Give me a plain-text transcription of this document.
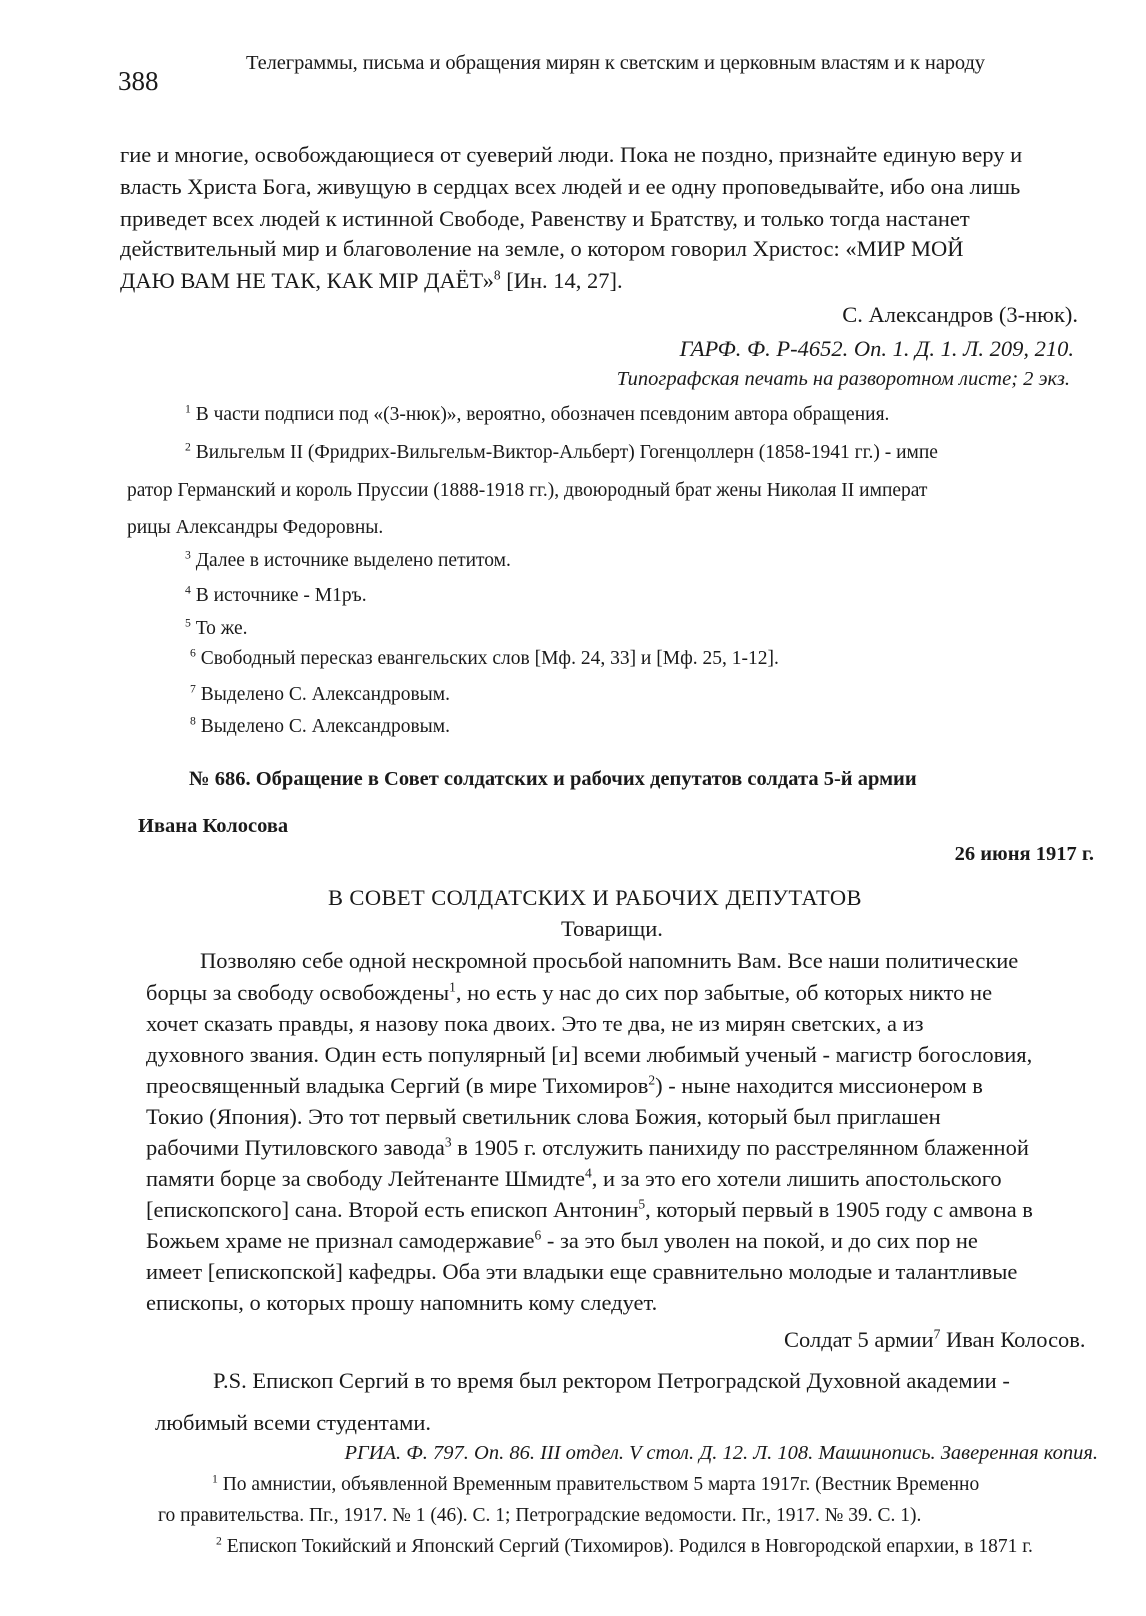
388
Телеграммы, письма и обращения мирян к светским и церковным властям и к народу
гие и многие, освобождающиеся от суеверий люди. Пока не поздно, признайте единую веру и
власть Христа Бога, живущую в сердцах всех людей и ее одну проповедывайте, ибо она лишь
приведет всех людей к истинной Свободе, Равенству и Братству, и только тогда настанет
действительный мир и благоволение на земле, о котором говорил Христос: «МИР МОЙ
ДАЮ ВАМ НЕ ТАК, КАК МIР ДАЁТ»$^8$ [Ин. 14, 27].
С. Александров (3-нюк).
ГАРФ. Ф. Р-4652. Оп. 1. Д. 1. Л. 209, 210.
Типографская печать на разворотном листе; 2 экз.
$^1$ В части подписи под «(3-нюк)», вероятно, обозначен псевдоним автора обращения.
$^2$ Вильгельм II (Фридрих-Вильгельм-Виктор-Альберт) Гогенцоллерн (1858-1941 гг.) - импе
ратор Германский и король Пруссии (1888-1918 гг.), двоюродный брат жены Николая II императ
рицы Александры Федоровны.
$^3$ Далее в источнике выделено петитом.
$^4$ В источнике - М1ръ.
$^5$ То же.
$^6$ Свободный пересказ евангельских слов [Мф. 24, 33] и [Мф. 25, 1-12].
$^7$ Выделено С. Александровым.
$^8$ Выделено С. Александровым.
№ 686. Обращение в Совет солдатских и рабочих депутатов солдата 5-й армии
Ивана Колосова
26 июня 1917 г.
В СОВЕТ СОЛДАТСКИХ И РАБОЧИХ ДЕПУТАТОВ
Товарищи.
Позволяю себе одной нескромной просьбой напомнить Вам. Все наши политические
борцы за свободу освобождены$^1$, но есть у нас до сих пор забытые, об которых никто не
хочет сказать правды, я назову пока двоих. Это те два, не из мирян светских, а из
духовного звания. Один есть популярный [и] всеми любимый ученый - магистр богословия,
преосвященный владыка Сергий (в мире Тихомиров$^2$) - ныне находится миссионером в
Токио (Япония). Это тот первый светильник слова Божия, который был приглашен
рабочими Путиловского завода$^3$ в 1905 г. отслужить панихиду по расстрелянном блаженной
памяти борце за свободу Лейтенанте Шмидте$^4$, и за это его хотели лишить апостольского
[епископского] сана. Второй есть епископ Антонин$^5$, который первый в 1905 году с амвона в
Божьем храме не признал самодержавие$^6$ - за это был уволен на покой, и до сих пор не
имеет [епископской] кафедры. Оба эти владыки еще сравнительно молодые и талантливые
епископы, о которых прошу напомнить кому следует.
Солдат 5 армии$^7$ Иван Колосов.
P.S. Епископ Сергий в то время был ректором Петроградской Духовной академии -
любимый всеми студентами.
РГИА. Ф. 797. Оп. 86. III отдел. V стол. Д. 12. Л. 108. Машинопись. Заверенная копия.
$^1$ По амнистии, объявленной Временным правительством 5 марта 1917г. (Вестник Временно
го правительства. Пг., 1917. № 1 (46). С. 1; Петроградские ведомости. Пг., 1917. № 39. С. 1).
$^2$ Епископ Токийский и Японский Сергий (Тихомиров). Родился в Новгородской епархии, в 1871 г.
